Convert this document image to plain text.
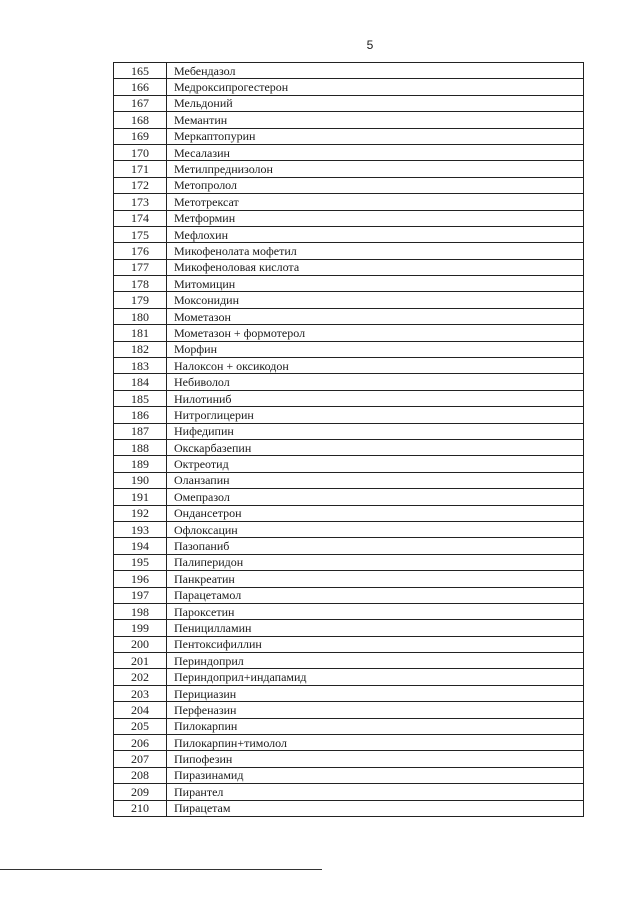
5
165	Мебендазол
166	Медроксипрогестерон
167	Мельдоний
168	Мемантин
169	Меркаптопурин
170	Месалазин
171	Метилпреднизолон
172	Метопролол
173	Метотрексат
174	Метформин
175	Мефлохин
176	Микофенолата мофетил
177	Микофеноловая кислота
178	Митомицин
179	Моксонидин
180	Мометазон
181	Мометазон + формотерол
182	Морфин
183	Налоксон + оксикодон
184	Небиволол
185	Нилотиниб
186	Нитроглицерин
187	Нифедипин
188	Окскарбазепин
189	Октреотид
190	Оланзапин
191	Омепразол
192	Ондансетрон
193	Офлоксацин
194	Пазопаниб
195	Палиперидон
196	Панкреатин
197	Парацетамол
198	Пароксетин
199	Пеницилламин
200	Пентоксифиллин
201	Периндоприл
202	Периндоприл+индапамид
203	Перициазин
204	Перфеназин
205	Пилокарпин
206	Пилокарпин+тимолол
207	Пипофезин
208	Пиразинамид
209	Пирантел
210	Пирацетам
